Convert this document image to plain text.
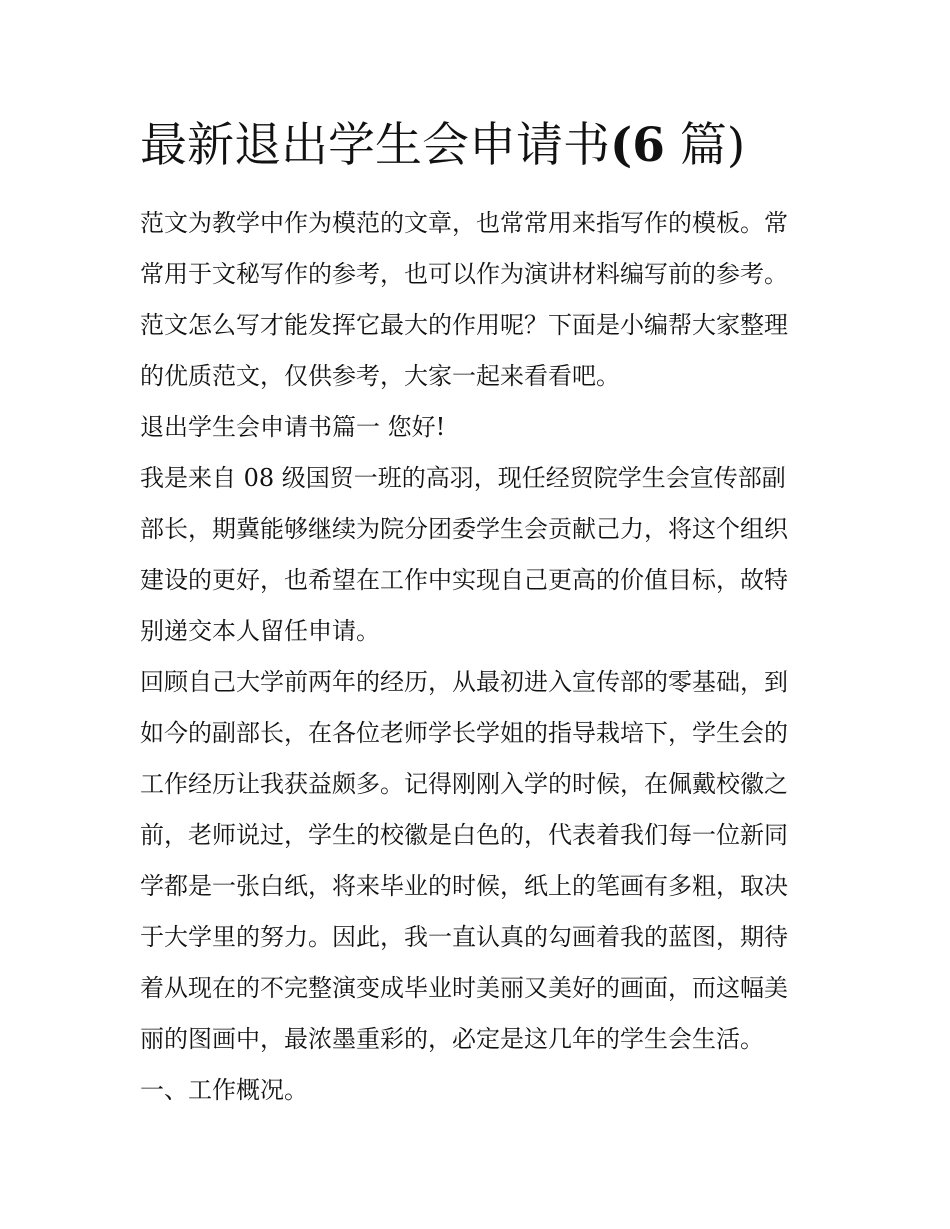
最新退出学生会申请书(6 篇)
范文为教学中作为模范的文章，也常常用来指写作的模板。常
常用于文秘写作的参考，也可以作为演讲材料编写前的参考。
范文怎么写才能发挥它最大的作用呢？下面是小编帮大家整理
的优质范文，仅供参考，大家一起来看看吧。
退出学生会申请书篇一 您好!
我是来自 08 级国贸一班的高羽，现任经贸院学生会宣传部副
部长，期冀能够继续为院分团委学生会贡献己力，将这个组织
建设的更好，也希望在工作中实现自己更高的价值目标，故特
别递交本人留任申请。
回顾自己大学前两年的经历，从最初进入宣传部的零基础，到
如今的副部长，在各位老师学长学姐的指导栽培下，学生会的
工作经历让我获益颇多。记得刚刚入学的时候，在佩戴校徽之
前，老师说过，学生的校徽是白色的，代表着我们每一位新同
学都是一张白纸，将来毕业的时候，纸上的笔画有多粗，取决
于大学里的努力。因此，我一直认真的勾画着我的蓝图，期待
着从现在的不完整演变成毕业时美丽又美好的画面，而这幅美
丽的图画中，最浓墨重彩的，必定是这几年的学生会生活。
一、工作概况。
